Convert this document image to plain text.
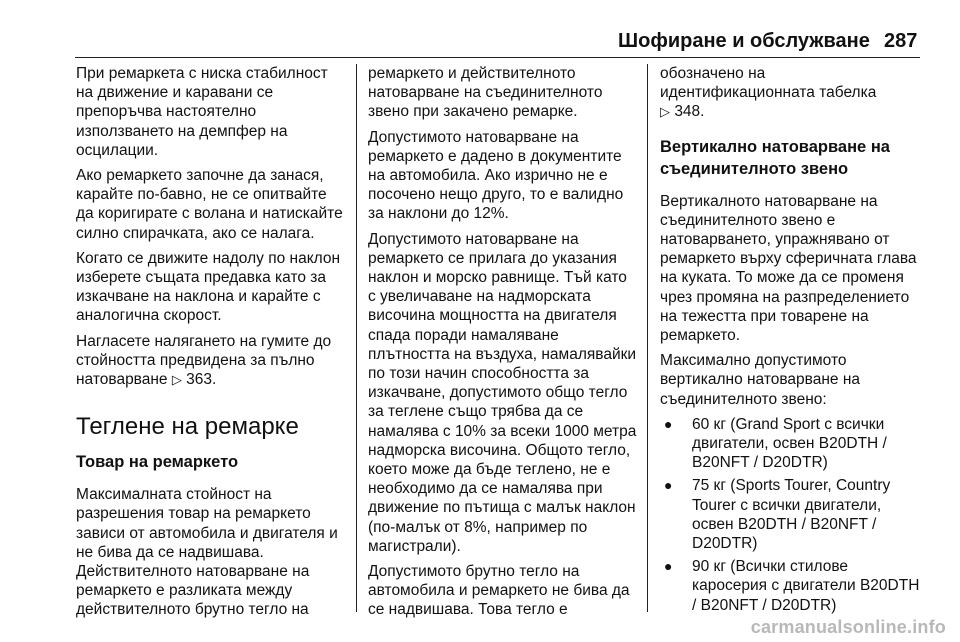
Шофиране и обслужване 287

При ремаркета с ниска стабилност на движение и каравани се препоръчва настоятелно използването на демпфер на осцилации.

Ако ремаркето започне да занася, карайте по-бавно, не се опитвайте да коригирате с волана и натискайте силно спирачката, ако се налага.

Когато се движите надолу по наклон изберете същата предавка като за изкачване на наклона и карайте с аналогична скорост.

Нагласете налягането на гумите до стойността предвидена за пълно натоварване ▷ 363.

Теглене на ремарке
Товар на ремаркето

Максималната стойност на разрешения товар на ремаркето зависи от автомобила и двигателя и не бива да се надвишава. Действителното натоварване на ремаркето е разликата между действителното брутно тегло на

ремаркето и действителното натоварване на съединителното звено при закачено ремарке.

Допустимото натоварване на ремаркето е дадено в документите на автомобила. Ако изрично не е посочено нещо друго, то е валидно за наклони до 12%.

Допустимото натоварване на ремаркето се прилага до указания наклон и морско равнище. Тъй като с увеличаване на надморската височина мощността на двигателя спада поради намаляване плътността на въздуха, намалявайки по този начин способността за изкачване, допустимото общо тегло за теглене също трябва да се намалява с 10% за всеки 1000 метра надморска височина. Общото тегло, което може да бъде теглено, не е необходимо да се намалява при движение по пътища с малък наклон (по-малък от 8%, например по магистрали).

Допустимото брутно тегло на автомобила и ремаркето не бива да се надвишава. Това тегло е

обозначено на идентификационната табелка
▷ 348.

Вертикално натоварване на съединителното звено

Вертикалното натоварване на съединителното звено е натоварването, упражнявано от ремаркето върху сферичната глава на куката. То може да се променя чрез промяна на разпределението на тежестта при товарене на ремаркето.

Максимално допустимото вертикално натоварване на съединителното звено:

● 60 кг (Grand Sport с всички двигатели, освен B20DTH / B20NFT / D20DTR)
● 75 кг (Sports Tourer, Country Tourer с всички двигатели, освен B20DTH / B20NFT / D20DTR)
● 90 кг (Всички стилове каросерия с двигатели B20DTH / B20NFT / D20DTR)
carmanualsonline.info
